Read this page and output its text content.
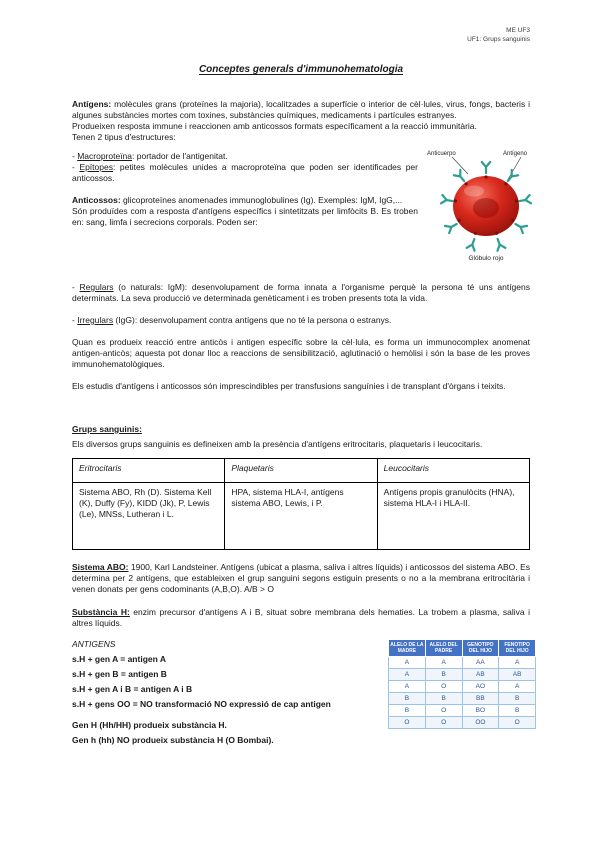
ME UF3
UF1: Grups sanguinis
Conceptes generals d'immunohematologia

Antígens: molècules grans (proteïnes la majoria), localitzades a superfície o interior de cèl·lules, virus, fongs, bacteris i algunes substàncies mortes com toxines, substàncies químiques, medicaments i partícules estranyes.

Produeixen resposta immune i reaccionen amb anticossos formats específicament a la reacció immunitària.

Tenen 2 tipus d'estructures:

Anticuerpo	Antígeno
Glóbulo rojo

- Macroproteïna: portador de l'antigenitat.

- Epítopes: petites molècules unides a macroproteïna que poden ser identificades per anticossos.

Anticossos: glicoproteïnes anomenades immunoglobulines (Ig). Exemples: IgM, IgG,...

Són produïdes com a resposta d'antígens específics i sintetitzats per limfòcits B. Es troben en: sang, limfa i secrecions corporals. Poden ser:

- Regulars (o naturals: IgM): desenvolupament de forma innata a l'organisme perquè la persona té uns antígens determinats. La seva producció ve determinada genèticament i es troben presents tota la vida.

- Irregulars (IgG): desenvolupament contra antígens que no té la persona o estranys.

Quan es produeix reacció entre anticòs i antigen específic sobre la cèl·lula, es forma un immunocomplex anomenat antigen-anticòs; aquesta pot donar lloc a reaccions de sensibilització, aglutinació o hemòlisi i són la base de les proves immunohematològiques.

Els estudis d'antígens i anticossos són imprescindibles per transfusions sanguínies i de transplant d'òrgans i teixits.

Grups sanguinis:

Els diversos grups sanguinis es defineixen amb la presència d'antígens eritrocitaris, plaquetaris i leucocitaris.

Eritrocitaris	Plaquetaris	Leucocitaris
Sistema ABO, Rh (D). Sistema Kell (K), Duffy (Fy), KIDD (Jk), P, Lewis (Le), MNSs, Lutheran i L.	HPA, sistema HLA-I, antígens sistema ABO, Lewis, i P.	Antígens propis granulòcits (HNA), sistema HLA-I i HLA-II.

Sistema ABO: 1900, Karl Landsteiner. Antígens (ubicat a plasma, saliva i altres líquids) i anticossos del sistema ABO. Es determina per 2 antígens, que estableixen el grup sanguini segons estiguin presents o no a la membrana eritrocitària i venen donats per gens codominants (A,B,O). A/B > O

Substància H: enzim precursor d'antígens A i B, situat sobre membrana dels hematies. La trobem a plasma, saliva i altres líquids.

ANTIGENS

s.H + gen A = antigen A

s.H + gen B = antigen B

s.H + gen A i B = antigen A i B

s.H + gens OO = NO transformació NO expressió de cap antigen

Gen H (Hh/HH) produeix substància H.

Gen h (hh) NO produeix substància H (O Bombai).

ALELO DE LA MADRE	ALELO DEL PADRE	GENOTIPO DEL HIJO	FENOTIPO DEL HIJO
A	A	AA	A
A	B	AB	AB
A	O	AO	A
B	B	BB	B
B	O	BO	B
O	O	OO	O
